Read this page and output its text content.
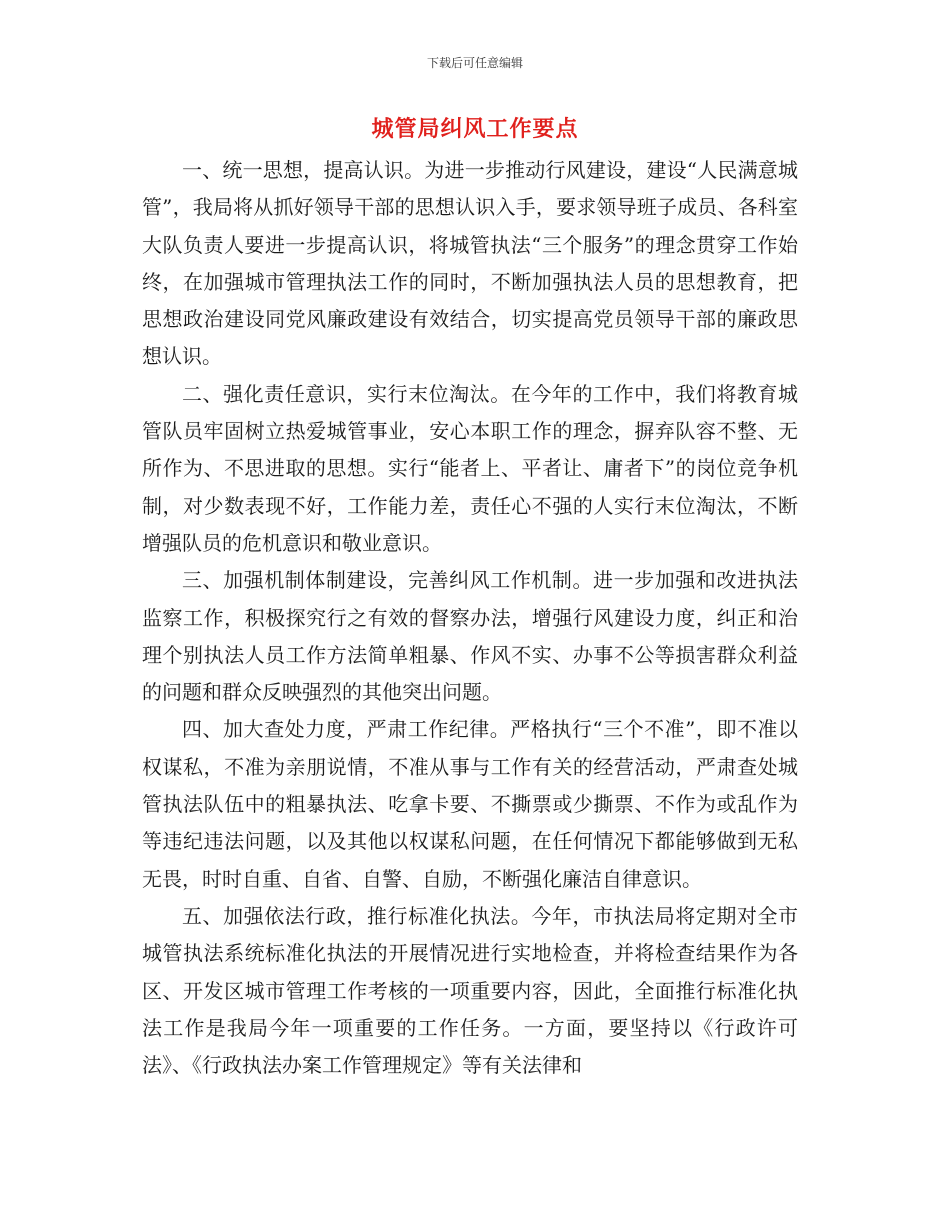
下载后可任意编辑
城管局纠风工作要点

一、统一思想，提高认识。为进一步推动行风建设，建设“人民满意城管”，我局将从抓好领导干部的思想认识入手，要求领导班子成员、各科室大队负责人要进一步提高认识，将城管执法“三个服务”的理念贯穿工作始终，在加强城市管理执法工作的同时，不断加强执法人员的思想教育，把思想政治建设同党风廉政建设有效结合，切实提高党员领导干部的廉政思想认识。

二、强化责任意识，实行末位淘汰。在今年的工作中，我们将教育城管队员牢固树立热爱城管事业，安心本职工作的理念，摒弃队容不整、无所作为、不思进取的思想。实行“能者上、平者让、庸者下”的岗位竞争机制，对少数表现不好，工作能力差，责任心不强的人实行末位淘汰，不断增强队员的危机意识和敬业意识。

三、加强机制体制建设，完善纠风工作机制。进一步加强和改进执法监察工作，积极探究行之有效的督察办法，增强行风建设力度，纠正和治理个别执法人员工作方法简单粗暴、作风不实、办事不公等损害群众利益的问题和群众反映强烈的其他突出问题。

四、加大查处力度，严肃工作纪律。严格执行“三个不准”，即不准以权谋私，不准为亲朋说情，不准从事与工作有关的经营活动，严肃查处城管执法队伍中的粗暴执法、吃拿卡要、不撕票或少撕票、不作为或乱作为等违纪违法问题，以及其他以权谋私问题，在任何情况下都能够做到无私无畏，时时自重、自省、自警、自励，不断强化廉洁自律意识。

五、加强依法行政，推行标准化执法。今年，市执法局将定期对全市城管执法系统标准化执法的开展情况进行实地检查，并将检查结果作为各区、开发区城市管理工作考核的一项重要内容，因此，全面推行标准化执法工作是我局今年一项重要的工作任务。一方面，要坚持以《行政许可法》、《行政执法办案工作管理规定》等有关法律和
